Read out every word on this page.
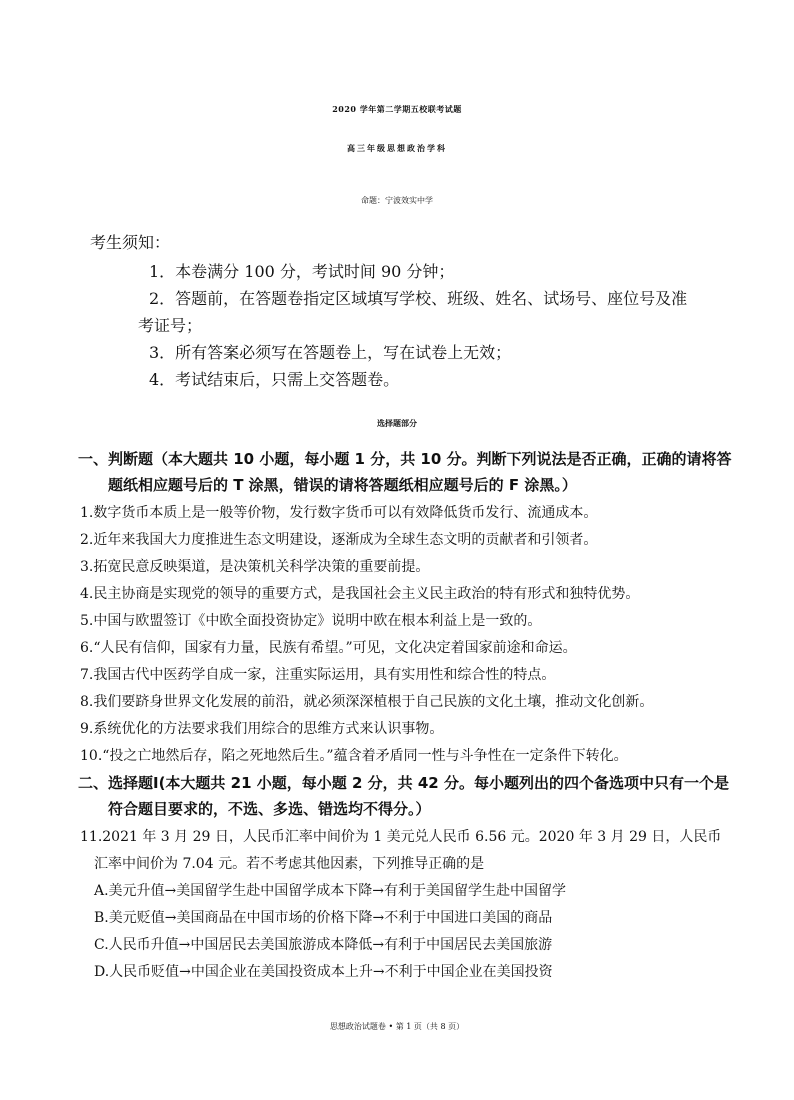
2020 学年第二学期五校联考试题
高三年级思想政治学科
命题：宁波效实中学
考生须知：
1．本卷满分 100 分，考试时间 90 分钟；
2．答题前，在答题卷指定区域填写学校、班级、姓名、试场号、座位号及准
考证号；
3．所有答案必须写在答题卷上，写在试卷上无效；
4．考试结束后，只需上交答题卷。
选择题部分
一、判断题（本大题共 10 小题，每小题 1 分，共 10 分。判断下列说法是否正确，正确的请将答
题纸相应题号后的 T 涂黑，错误的请将答题纸相应题号后的 F 涂黑。）
1.数字货币本质上是一般等价物，发行数字货币可以有效降低货币发行、流通成本。
2.近年来我国大力度推进生态文明建设，逐渐成为全球生态文明的贡献者和引领者。
3.拓宽民意反映渠道，是决策机关科学决策的重要前提。
4.民主协商是实现党的领导的重要方式，是我国社会主义民主政治的特有形式和独特优势。
5.中国与欧盟签订《中欧全面投资协定》说明中欧在根本利益上是一致的。
6.“人民有信仰，国家有力量，民族有希望。”可见，文化决定着国家前途和命运。
7.我国古代中医药学自成一家，注重实际运用，具有实用性和综合性的特点。
8.我们要跻身世界文化发展的前沿，就必须深深植根于自己民族的文化土壤，推动文化创新。
9.系统优化的方法要求我们用综合的思维方式来认识事物。
10.“投之亡地然后存，陷之死地然后生。”蕴含着矛盾同一性与斗争性在一定条件下转化。
二、选择题Ⅰ(本大题共 21 小题，每小题 2 分，共 42 分。每小题列出的四个备选项中只有一个是
符合题目要求的，不选、多选、错选均不得分。）
11.2021 年 3 月 29 日，人民币汇率中间价为 1 美元兑人民币 6.56 元。2020 年 3 月 29 日，人民币
汇率中间价为 7.04 元。若不考虑其他因素，下列推导正确的是
A.美元升值→美国留学生赴中国留学成本下降→有利于美国留学生赴中国留学
B.美元贬值→美国商品在中国市场的价格下降→不利于中国进口美国的商品
C.人民币升值→中国居民去美国旅游成本降低→有利于中国居民去美国旅游
D.人民币贬值→中国企业在美国投资成本上升→不利于中国企业在美国投资
思想政治试题卷 • 第 1 页（共 8 页）
